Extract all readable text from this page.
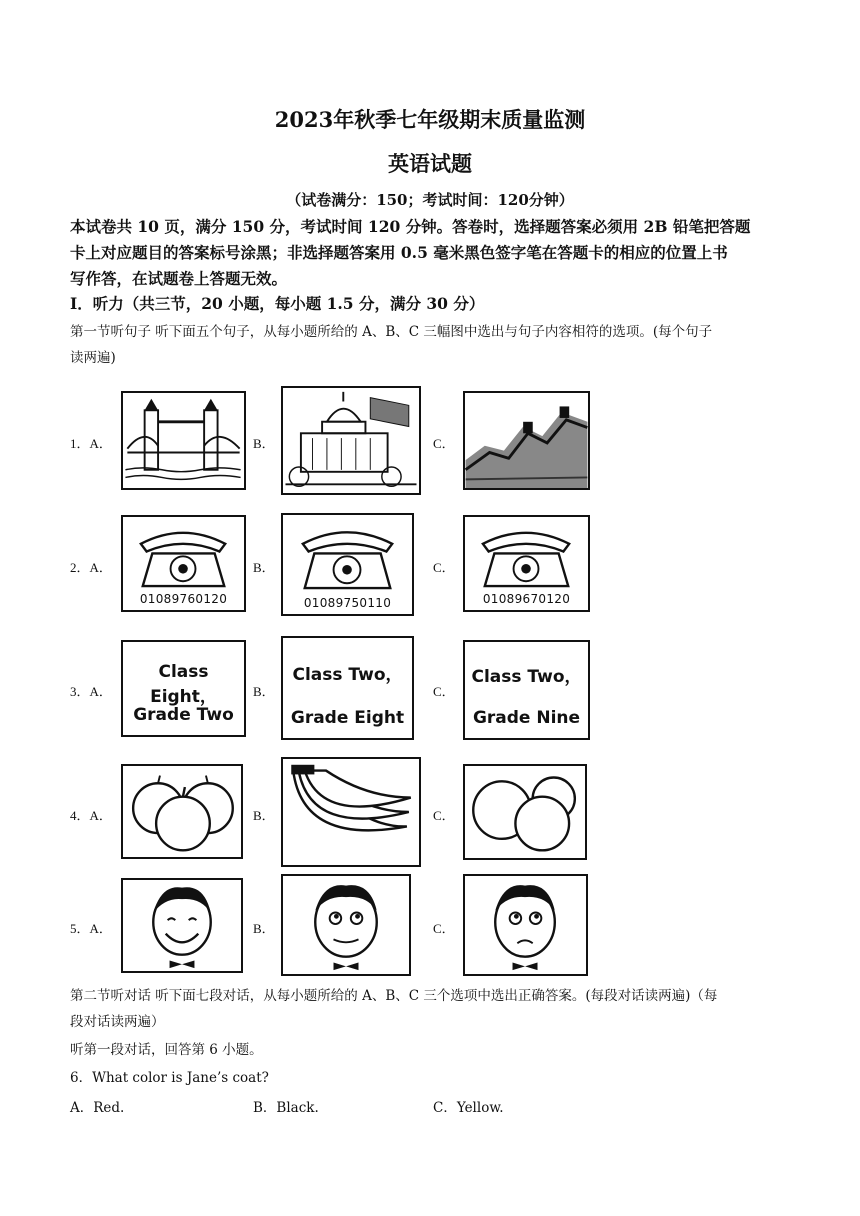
2023年秋季七年级期末质量监测
英语试题
（试卷满分：150；考试时间：120分钟）
本试卷共 10 页，满分 150 分，考试时间 120 分钟。答卷时，选择题答案必须用 2B 铅笔把答题
卡上对应题目的答案标号涂黑；非选择题答案用 0.5 毫米黑色签字笔在答题卡的相应的位置上书
写作答，在试题卷上答题无效。
Ⅰ．听力（共三节，20 小题，每小题 1.5 分，满分 30 分）
第一节听句子 听下面五个句子，从每小题所给的 A、B、C 三幅图中选出与句子内容相符的选项。(每个句子
读两遍)
1．A．	B．	C．
2．A．
01089760120
B．
01089750110
C．
01089670120
3．A．
Class Eight，
Grade Two
B．
Class Two，
Grade Eight
C．
Class Two，
Grade Nine
4．A．	B．	C．
5．A．	B．	C．
第二节听对话 听下面七段对话，从每小题所给的 A、B、C 三个选项中选出正确答案。(每段对话读两遍)（每
段对话读两遍）
听第一段对话，回答第 6 小题。
6．What color is Jane’s coat?
A．Red.	B．Black.	C．Yellow.
